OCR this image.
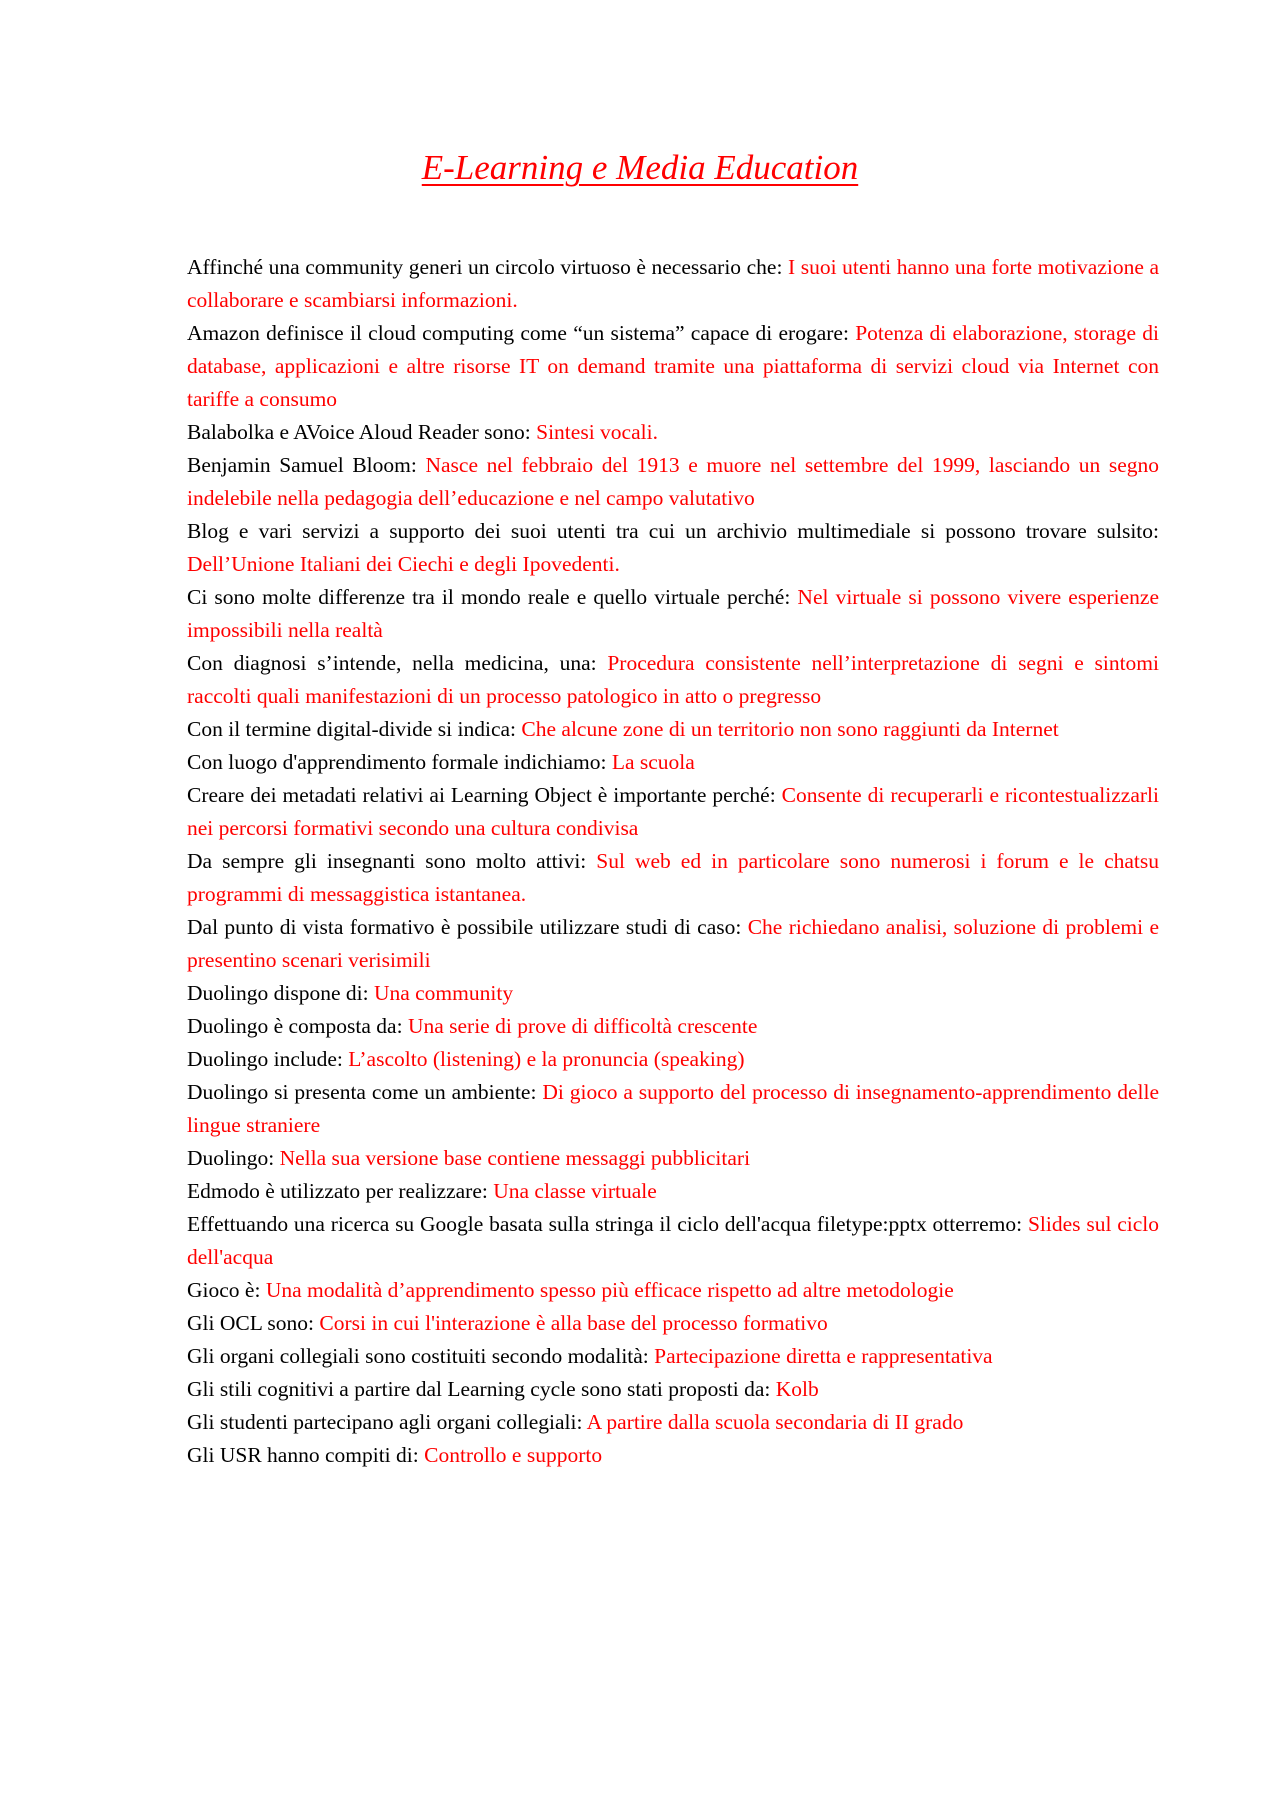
E-Learning e Media Education

Affinché una community generi un circolo virtuoso è necessario che: I suoi utenti hanno una forte motivazione a collaborare e scambiarsi informazioni.

Amazon definisce il cloud computing come “un sistema” capace di erogare: Potenza di elaborazione, storage di database, applicazioni e altre risorse IT on demand tramite una piattaforma di servizi cloud via Internet con tariffe a consumo

Balabolka e AVoice Aloud Reader sono: Sintesi vocali.

Benjamin Samuel Bloom: Nasce nel febbraio del 1913 e muore nel settembre del 1999, lasciando un segno indelebile nella pedagogia dell’educazione e nel campo valutativo

Blog e vari servizi a supporto dei suoi utenti tra cui un archivio multimediale si possono trovare sulsito: Dell’Unione Italiani dei Ciechi e degli Ipovedenti.

Ci sono molte differenze tra il mondo reale e quello virtuale perché: Nel virtuale si possono vivere esperienze impossibili nella realtà

Con diagnosi s’intende, nella medicina, una: Procedura consistente nell’interpretazione di segni e sintomi raccolti quali manifestazioni di un processo patologico in atto o pregresso

Con il termine digital-divide si indica: Che alcune zone di un territorio non sono raggiunti da Internet

Con luogo d'apprendimento formale indichiamo: La scuola

Creare dei metadati relativi ai Learning Object è importante perché: Consente di recuperarli e ricontestualizzarli nei percorsi formativi secondo una cultura condivisa

Da sempre gli insegnanti sono molto attivi: Sul web ed in particolare sono numerosi i forum e le chatsu programmi di messaggistica istantanea.

Dal punto di vista formativo è possibile utilizzare studi di caso: Che richiedano analisi, soluzione di problemi e presentino scenari verisimili

Duolingo dispone di: Una community

Duolingo è composta da: Una serie di prove di difficoltà crescente

Duolingo include: L’ascolto (listening) e la pronuncia (speaking)

Duolingo si presenta come un ambiente: Di gioco a supporto del processo di insegnamento-apprendimento delle lingue straniere

Duolingo: Nella sua versione base contiene messaggi pubblicitari

Edmodo è utilizzato per realizzare: Una classe virtuale

Effettuando una ricerca su Google basata sulla stringa il ciclo dell'acqua filetype:pptx otterremo: Slides sul ciclo dell'acqua

Gioco è: Una modalità d’apprendimento spesso più efficace rispetto ad altre metodologie

Gli OCL sono: Corsi in cui l'interazione è alla base del processo formativo

Gli organi collegiali sono costituiti secondo modalità: Partecipazione diretta e rappresentativa

Gli stili cognitivi a partire dal Learning cycle sono stati proposti da: Kolb

Gli studenti partecipano agli organi collegiali: A partire dalla scuola secondaria di II grado

Gli USR hanno compiti di: Controllo e supporto
